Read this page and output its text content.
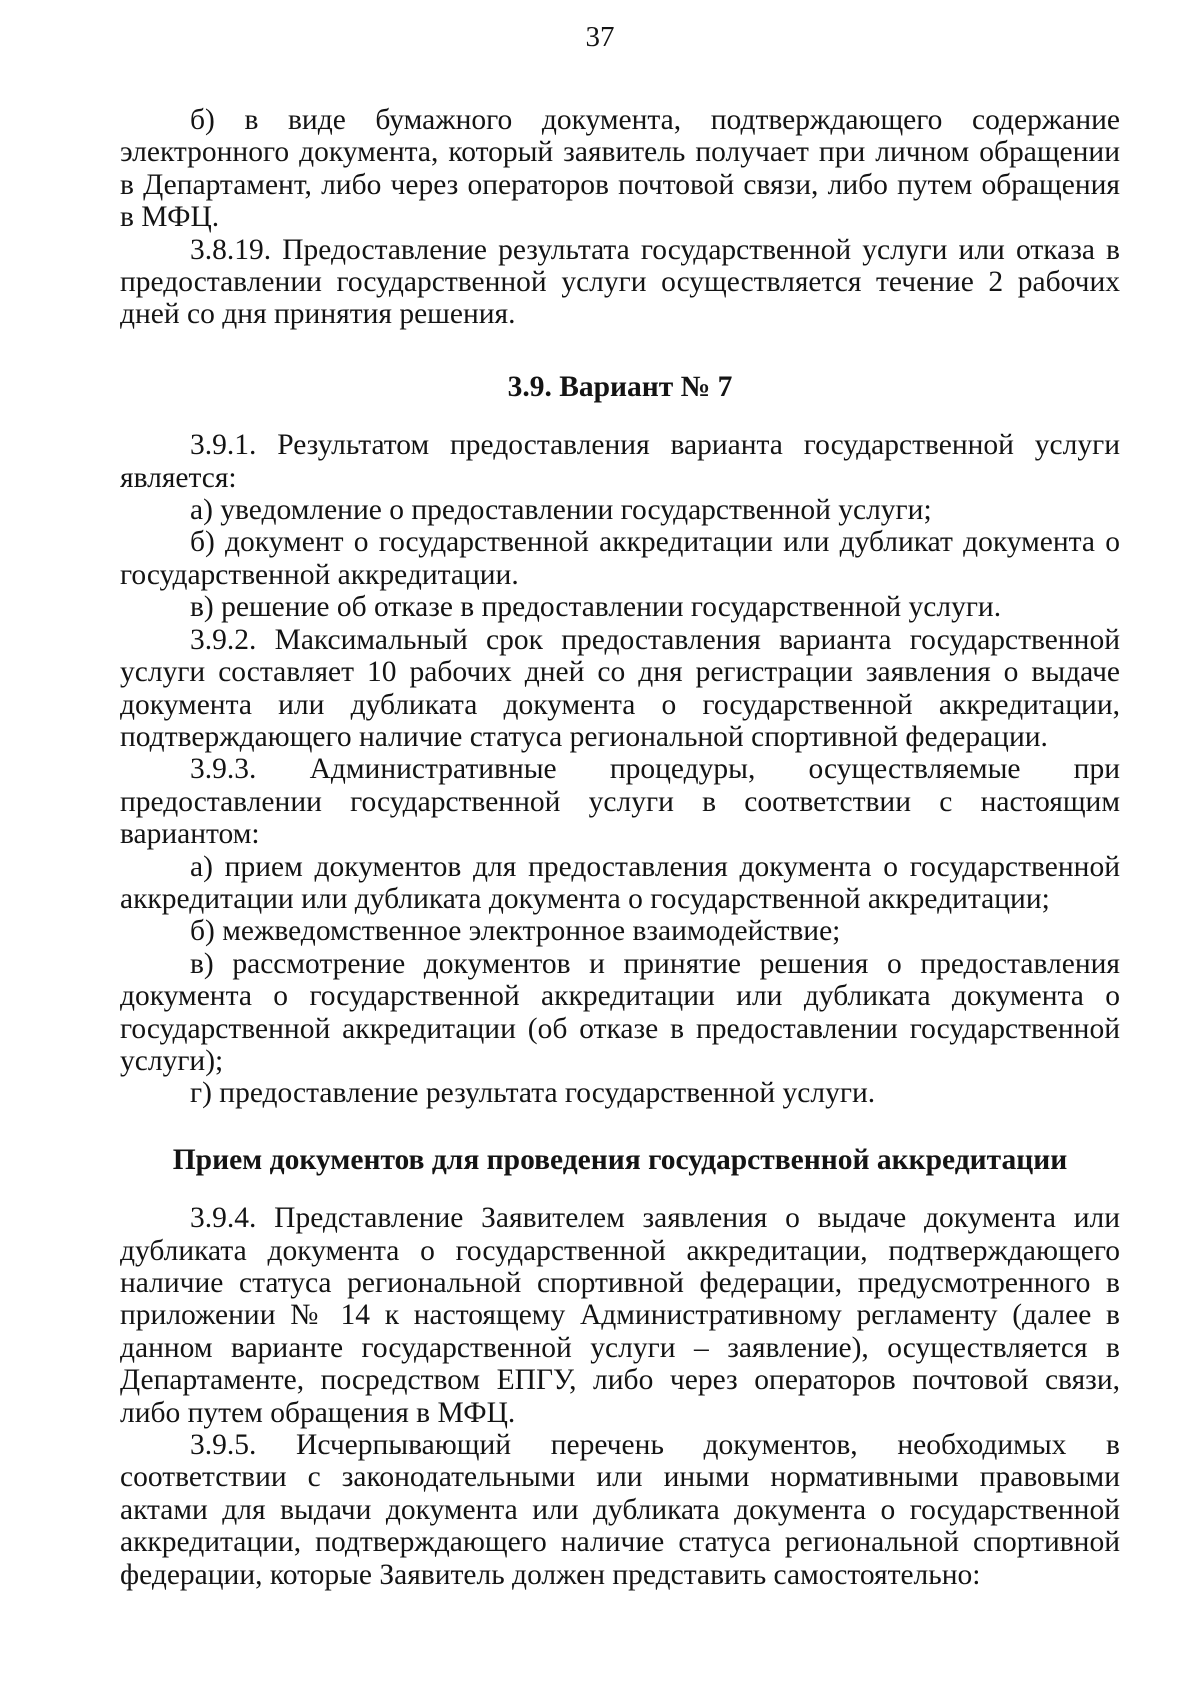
37

б) в виде бумажного документа, подтверждающего содержание электронного документа, который заявитель получает при личном обращении в Департамент, либо через операторов почтовой связи, либо путем обращения в МФЦ.

3.8.19. Предоставление результата государственной услуги или отказа в предоставлении государственной услуги осуществляется течение 2 рабочих дней со дня принятия решения.

3.9. Вариант № 7

3.9.1. Результатом предоставления варианта государственной услуги является:

а) уведомление о предоставлении государственной услуги;

б) документ о государственной аккредитации или дубликат документа о государственной аккредитации.

в) решение об отказе в предоставлении государственной услуги.

3.9.2. Максимальный срок предоставления варианта государственной услуги составляет 10 рабочих дней со дня регистрации заявления о выдаче документа или дубликата документа о государственной аккредитации, подтверждающего наличие статуса региональной спортивной федерации.

3.9.3. Административные процедуры, осуществляемые при предоставлении государственной услуги в соответствии с настоящим вариантом:

а) прием документов для предоставления документа о государственной аккредитации или дубликата документа о государственной аккредитации;

б) межведомственное электронное взаимодействие;

в) рассмотрение документов и принятие решения о предоставления документа о государственной аккредитации или дубликата документа о государственной аккредитации (об отказе в предоставлении государственной услуги);

г) предоставление результата государственной услуги.

Прием документов для проведения государственной аккредитации

3.9.4. Представление Заявителем заявления о выдаче документа или дубликата документа о государственной аккредитации, подтверждающего наличие статуса региональной спортивной федерации, предусмотренного в приложении № 14 к настоящему Административному регламенту (далее в данном варианте государственной услуги – заявление), осуществляется в Департаменте, посредством ЕПГУ, либо через операторов почтовой связи, либо путем обращения в МФЦ.

3.9.5. Исчерпывающий перечень документов, необходимых в соответствии с законодательными или иными нормативными правовыми актами для выдачи документа или дубликата документа о государственной аккредитации, подтверждающего наличие статуса региональной спортивной федерации, которые Заявитель должен представить самостоятельно:
